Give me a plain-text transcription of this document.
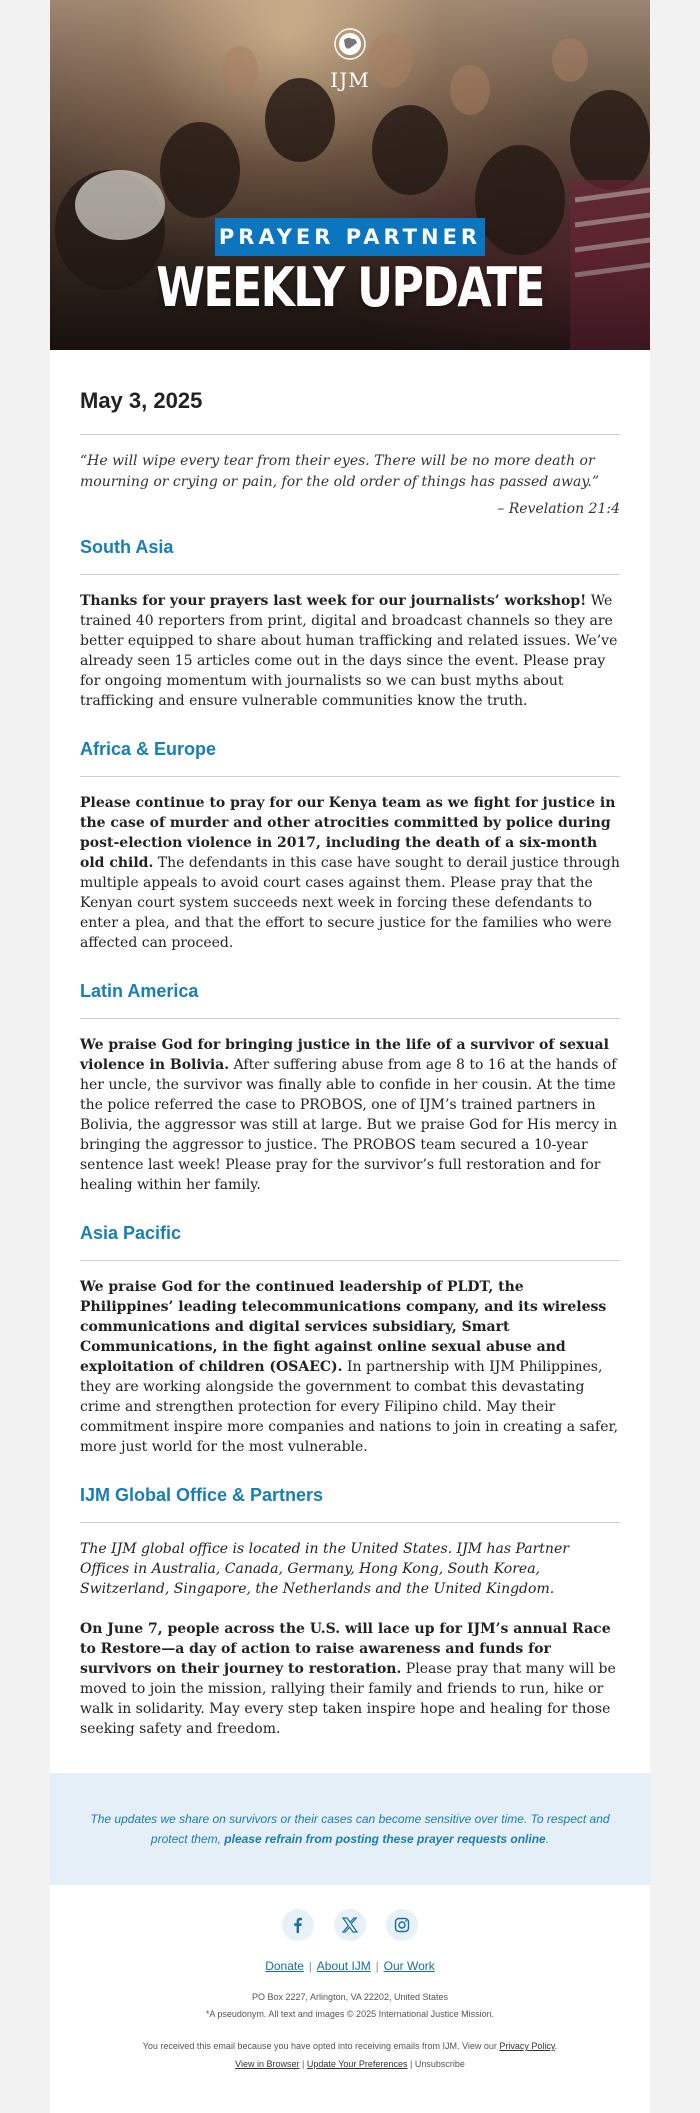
IJM
PRAYER PARTNER
WEEKLY UPDATE
May 3, 2025

“He will wipe every tear from their eyes. There will be no more death or mourning or crying or pain, for the old order of things has passed away.”

– Revelation 21:4

South Asia

Thanks for your prayers last week for our journalists’ workshop! We trained 40 reporters from print, digital and broadcast channels so they are better equipped to share about human trafficking and related issues. We’ve already seen 15 articles come out in the days since the event. Please pray for ongoing momentum with journalists so we can bust myths about trafficking and ensure vulnerable communities know the truth.

Africa & Europe

Please continue to pray for our Kenya team as we fight for justice in the case of murder and other atrocities committed by police during post-election violence in 2017, including the death of a six-month old child. The defendants in this case have sought to derail justice through multiple appeals to avoid court cases against them. Please pray that the Kenyan court system succeeds next week in forcing these defendants to enter a plea, and that the effort to secure justice for the families who were affected can proceed.

Latin America

We praise God for bringing justice in the life of a survivor of sexual violence in Bolivia. After suffering abuse from age 8 to 16 at the hands of her uncle, the survivor was finally able to confide in her cousin. At the time the police referred the case to PROBOS, one of IJM’s trained partners in Bolivia, the aggressor was still at large. But we praise God for His mercy in bringing the aggressor to justice. The PROBOS team secured a 10-year sentence last week! Please pray for the survivor’s full restoration and for healing within her family.

Asia Pacific

We praise God for the continued leadership of PLDT, the Philippines’ leading telecommunications company, and its wireless communications and digital services subsidiary, Smart Communications, in the fight against online sexual abuse and exploitation of children (OSAEC). In partnership with IJM Philippines, they are working alongside the government to combat this devastating crime and strengthen protection for every Filipino child. May their commitment inspire more companies and nations to join in creating a safer, more just world for the most vulnerable.

IJM Global Office & Partners

The IJM global office is located in the United States. IJM has Partner Offices in Australia, Canada, Germany, Hong Kong, South Korea, Switzerland, Singapore, the Netherlands and the United Kingdom.

On June 7, people across the U.S. will lace up for IJM’s annual Race to Restore—a day of action to raise awareness and funds for survivors on their journey to restoration. Please pray that many will be moved to join the mission, rallying their family and friends to run, hike or walk in solidarity. May every step taken inspire hope and healing for those seeking safety and freedom.

The updates we share on survivors or their cases can become sensitive over time. To respect and protect them, please refrain from posting these prayer requests online.
Donate | About IJM | Our Work
PO Box 2227, Arlington, VA 22202, United States
*A pseudonym. All text and images © 2025 International Justice Mission.
You received this email because you have opted into receiving emails from IJM. View our Privacy Policy.
View in Browser | Update Your Preferences | Unsubscribe
